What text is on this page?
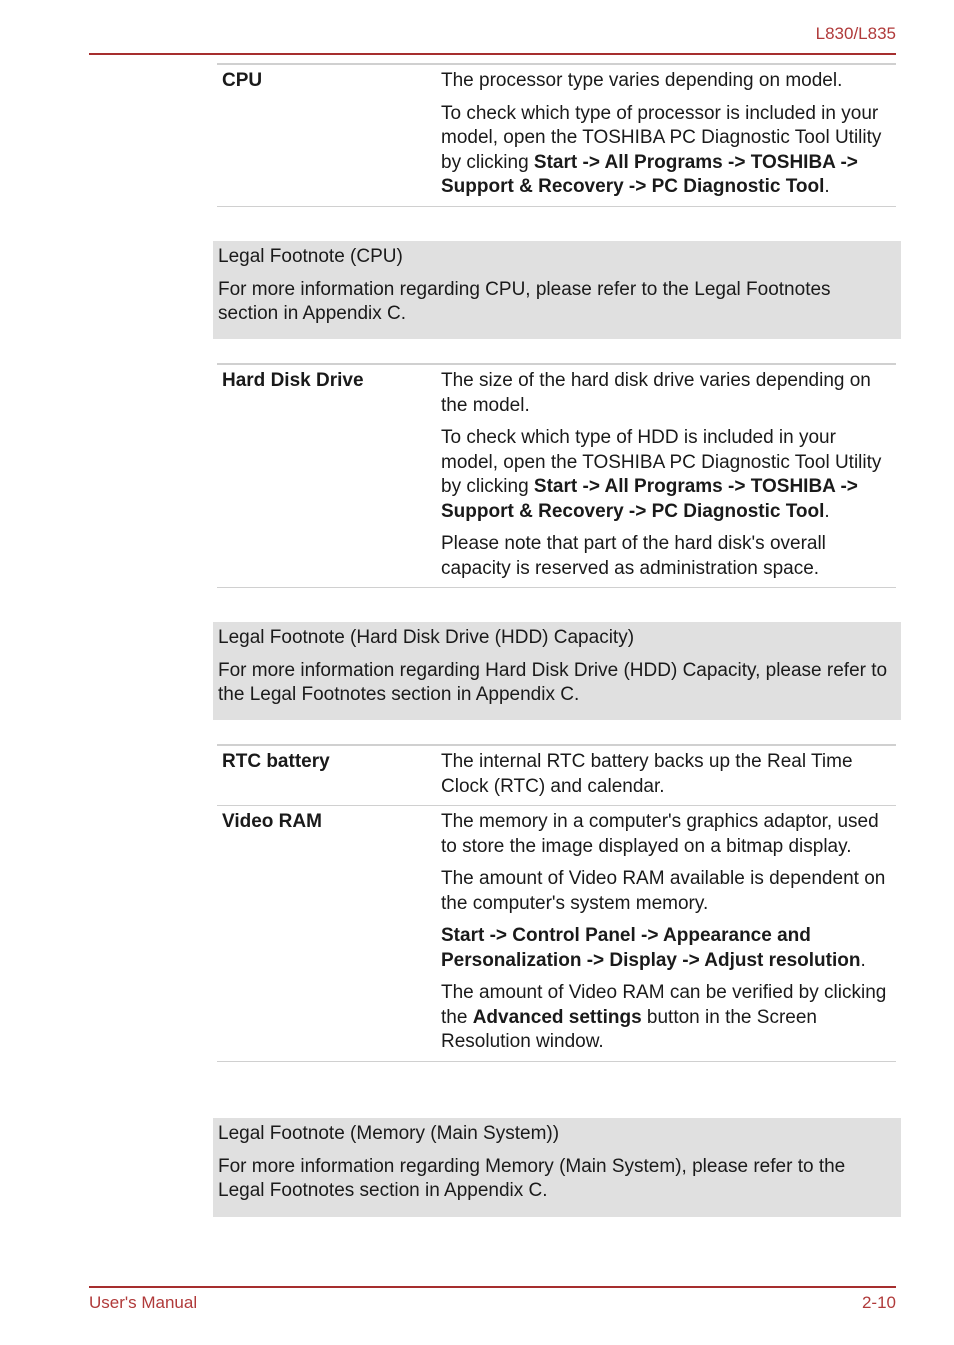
L830/L835
CPU	The processor type varies depending on model.

To check which type of processor is included in your model, open the TOSHIBA PC Diagnostic Tool Utility by clicking Start -> All Programs -> TOSHIBA -> Support & Recovery -> PC Diagnostic Tool.

Legal Footnote (CPU)

For more information regarding CPU, please refer to the Legal Footnotes section in Appendix C.

Hard Disk Drive	The size of the hard disk drive varies depending on the model.

To check which type of HDD is included in your model, open the TOSHIBA PC Diagnostic Tool Utility by clicking Start -> All Programs -> TOSHIBA -> Support & Recovery -> PC Diagnostic Tool.

Please note that part of the hard disk's overall capacity is reserved as administration space.

Legal Footnote (Hard Disk Drive (HDD) Capacity)

For more information regarding Hard Disk Drive (HDD) Capacity, please refer to the Legal Footnotes section in Appendix C.

RTC battery	The internal RTC battery backs up the Real Time Clock (RTC) and calendar.

Video RAM	The memory in a computer's graphics adaptor, used to store the image displayed on a bitmap display.

The amount of Video RAM available is dependent on the computer's system memory.

Start -> Control Panel -> Appearance and Personalization -> Display -> Adjust resolution.

The amount of Video RAM can be verified by clicking the Advanced settings button in the Screen Resolution window.

Legal Footnote (Memory (Main System))

For more information regarding Memory (Main System), please refer to the Legal Footnotes section in Appendix C.

User's Manual	2-10
